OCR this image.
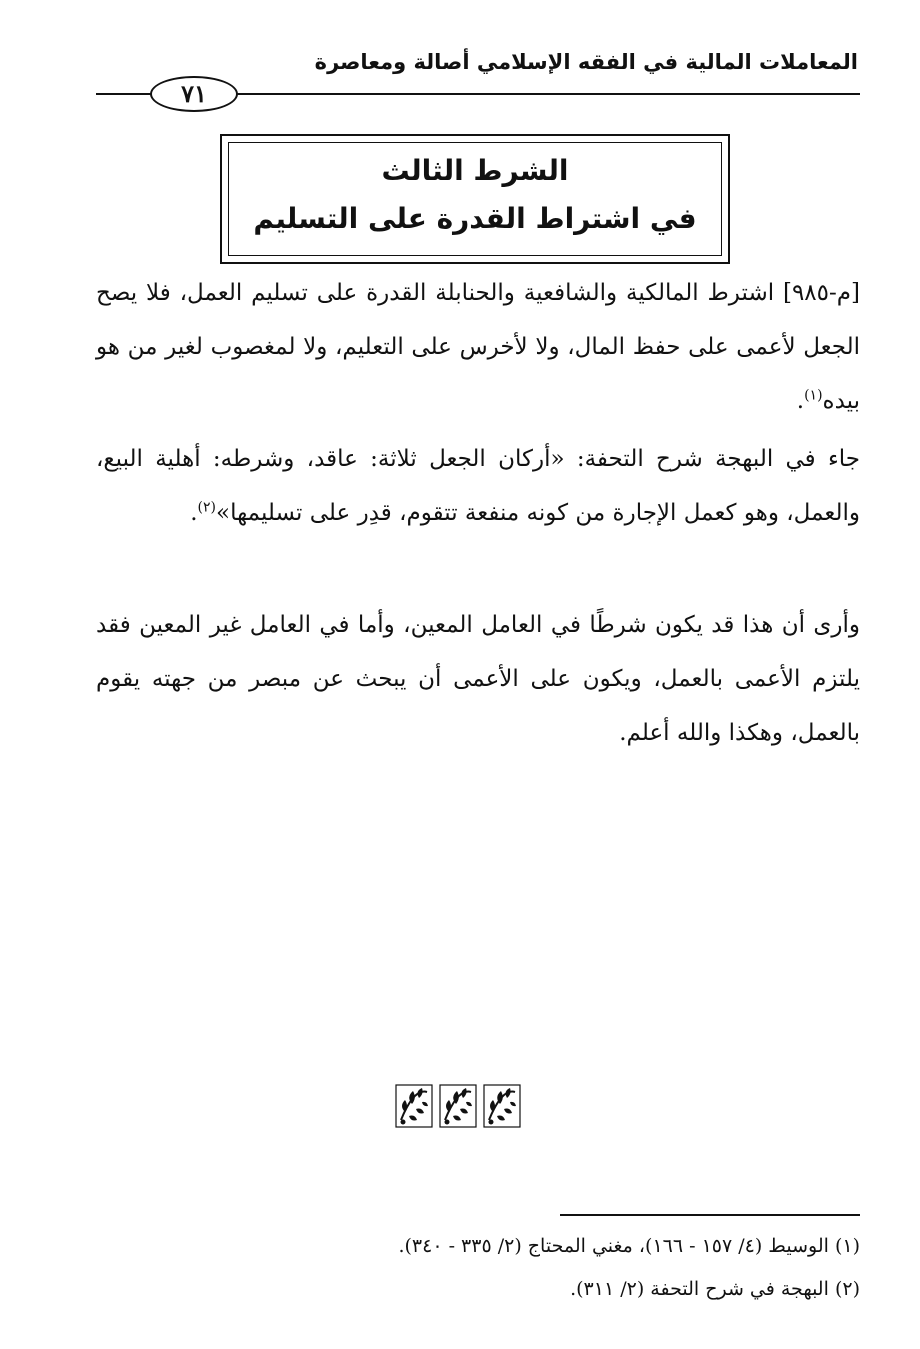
المعاملات المالية في الفقه الإسلامي أصالة ومعاصرة
٧١
الشرط الثالث
في اشتراط القدرة على التسليم
[م-٩٨٥] اشترط المالكية والشافعية والحنابلة القدرة على تسليم العمل، فلا يصح الجعل لأعمى على حفظ المال، ولا لأخرس على التعليم، ولا لمغصوب لغير من هو بيده$^{(١)}$.
جاء في البهجة شرح التحفة: «أركان الجعل ثلاثة: عاقد، وشرطه: أهلية البيع، والعمل، وهو كعمل الإجارة من كونه منفعة تتقوم، قدِر على تسليمها»$^{(٢)}$.
وأرى أن هذا قد يكون شرطًا في العامل المعين، وأما في العامل غير المعين فقد يلتزم الأعمى بالعمل، ويكون على الأعمى أن يبحث عن مبصر من جهته يقوم بالعمل، وهكذا والله أعلم.
(١) الوسيط (٤/ ١٥٧ - ١٦٦)، مغني المحتاج (٢/ ٣٣٥ - ٣٤٠).
(٢) البهجة في شرح التحفة (٢/ ٣١١).
